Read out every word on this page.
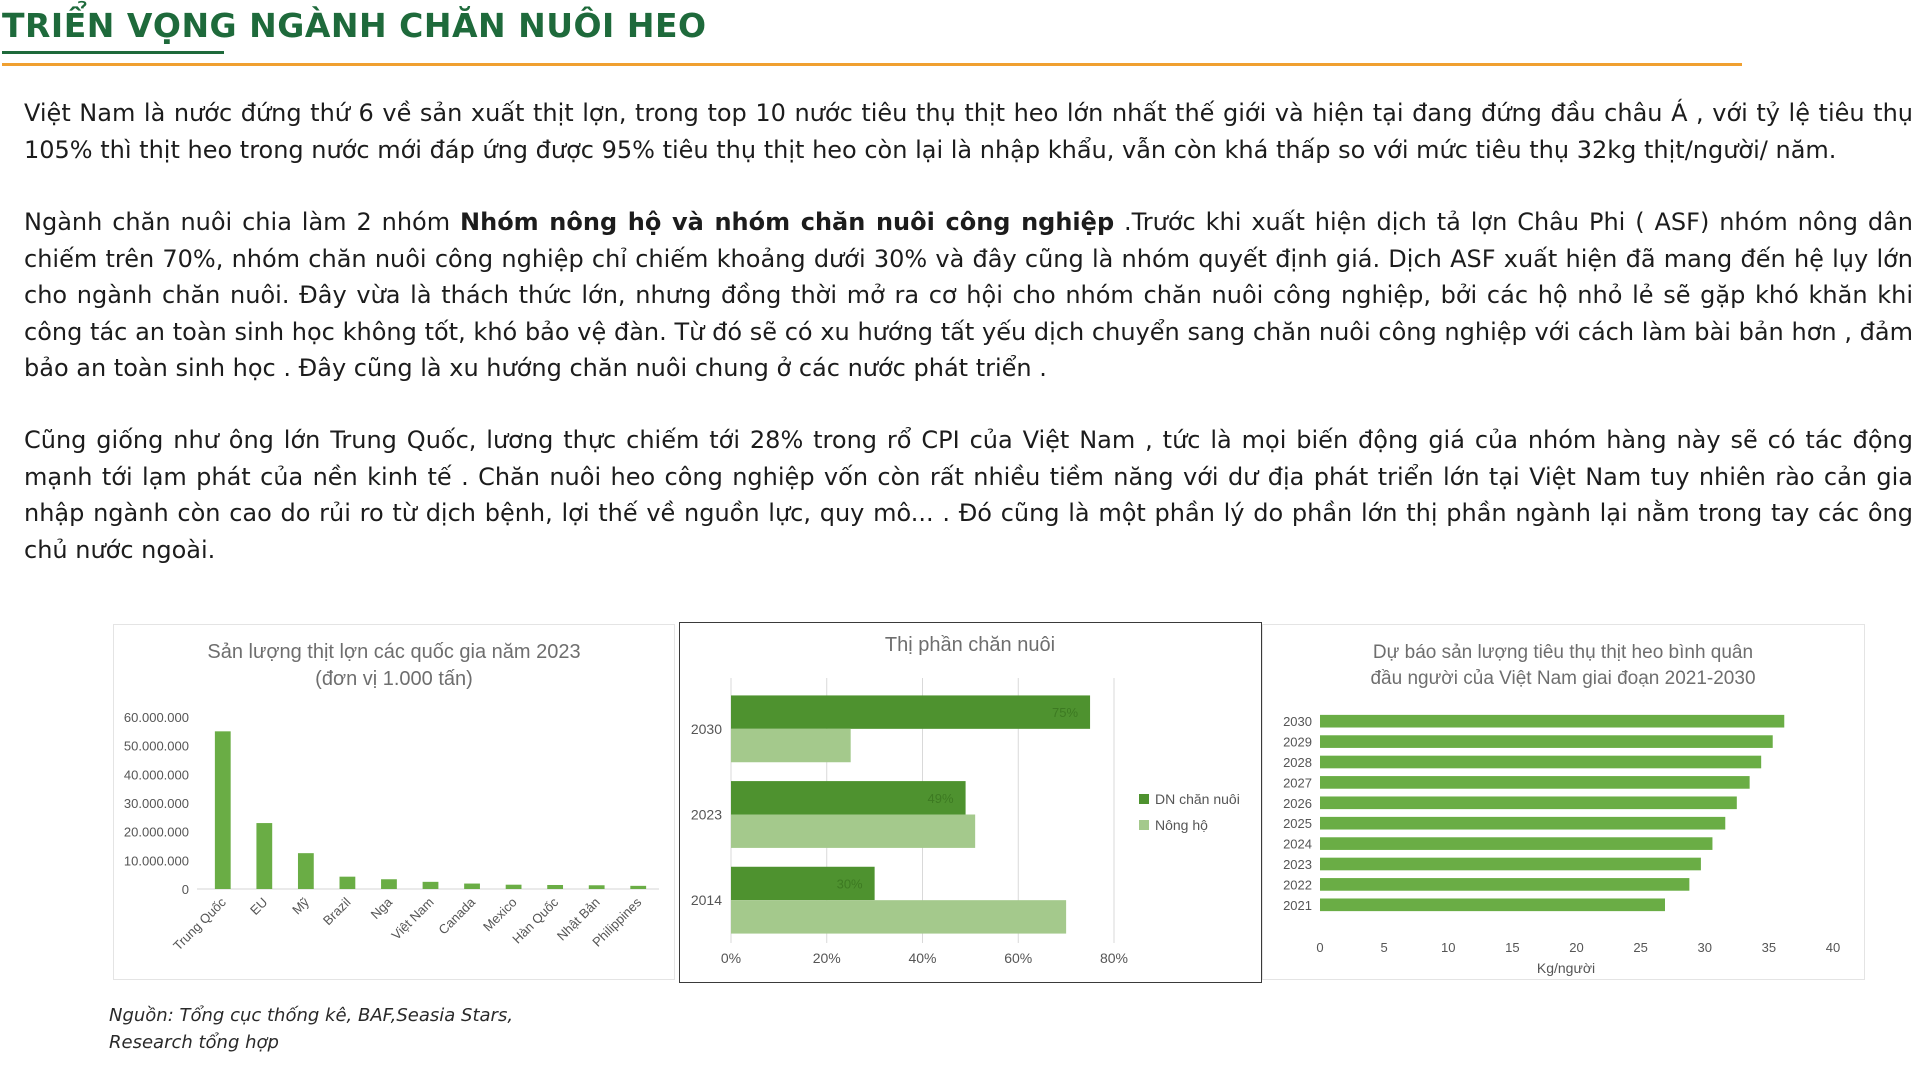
TRIỂN VỌNG NGÀNH CHĂN NUÔI HEO

Việt Nam là nước đứng thứ 6 về sản xuất thịt lợn, trong top 10 nước tiêu thụ thịt heo lớn nhất thế giới và hiện tại đang đứng đầu châu Á , với tỷ lệ tiêu thụ 105% thì thịt heo trong nước mới đáp ứng được 95% tiêu thụ thịt heo còn lại là nhập khẩu, vẫn còn khá thấp so với mức tiêu thụ 32kg thịt/người/ năm.

Ngành chăn nuôi chia làm 2 nhóm Nhóm nông hộ và nhóm chăn nuôi công nghiệp .Trước khi xuất hiện dịch tả lợn Châu Phi ( ASF) nhóm nông dân chiếm trên 70%, nhóm chăn nuôi công nghiệp chỉ chiếm khoảng dưới 30% và đây cũng là nhóm quyết định giá. Dịch ASF xuất hiện đã mang đến hệ lụy lớn cho ngành chăn nuôi. Đây vừa là thách thức lớn, nhưng đồng thời mở ra cơ hội cho nhóm chăn nuôi công nghiệp, bởi các hộ nhỏ lẻ sẽ gặp khó khăn khi công tác an toàn sinh học không tốt, khó bảo vệ đàn. Từ đó sẽ có xu hướng tất yếu dịch chuyển sang chăn nuôi công nghiệp với cách làm bài bản hơn , đảm bảo an toàn sinh học . Đây cũng là xu hướng chăn nuôi chung ở các nước phát triển .

Cũng giống như ông lớn Trung Quốc, lương thực chiếm tới 28% trong rổ CPI của Việt Nam , tức là mọi biến động giá của nhóm hàng này sẽ có tác động mạnh tới lạm phát của nền kinh tế . Chăn nuôi heo công nghiệp vốn còn rất nhiều tiềm năng với dư địa phát triển lớn tại Việt Nam tuy nhiên rào cản gia nhập ngành còn cao do rủi ro từ dịch bệnh, lợi thế về nguồn lực, quy mô... . Đó cũng là một phần lý do phần lớn thị phần ngành lại nằm trong tay các ông chủ nước ngoài.

Sản lượng thịt lợn các quốc gia năm 2023
(đơn vị 1.000 tấn)
0
10.000.000
20.000.000
30.000.000
40.000.000
50.000.000
60.000.000
Trung Quốc EU Mỹ Brazil Nga
Việt Nam
Canada Mexico
Hàn Quốc
Nhật Bản
Philippines
Thị phần chăn nuôi
0%	20%	40%	60%	80%
75%
2030
49%
2023
30%
2014
DN chăn nuôi
Nông hộ
Dự báo sản lượng tiêu thụ thịt heo bình quân
đầu người của Việt Nam giai đoạn 2021-2030
0	5	10	15	20	25	30	35	40
Kg/người
2030
2029
2028
2027
2026
2025
2024
2023
2022
2021
Nguồn: Tổng cục thống kê, BAF,Seasia Stars,
Research tổng hợp
